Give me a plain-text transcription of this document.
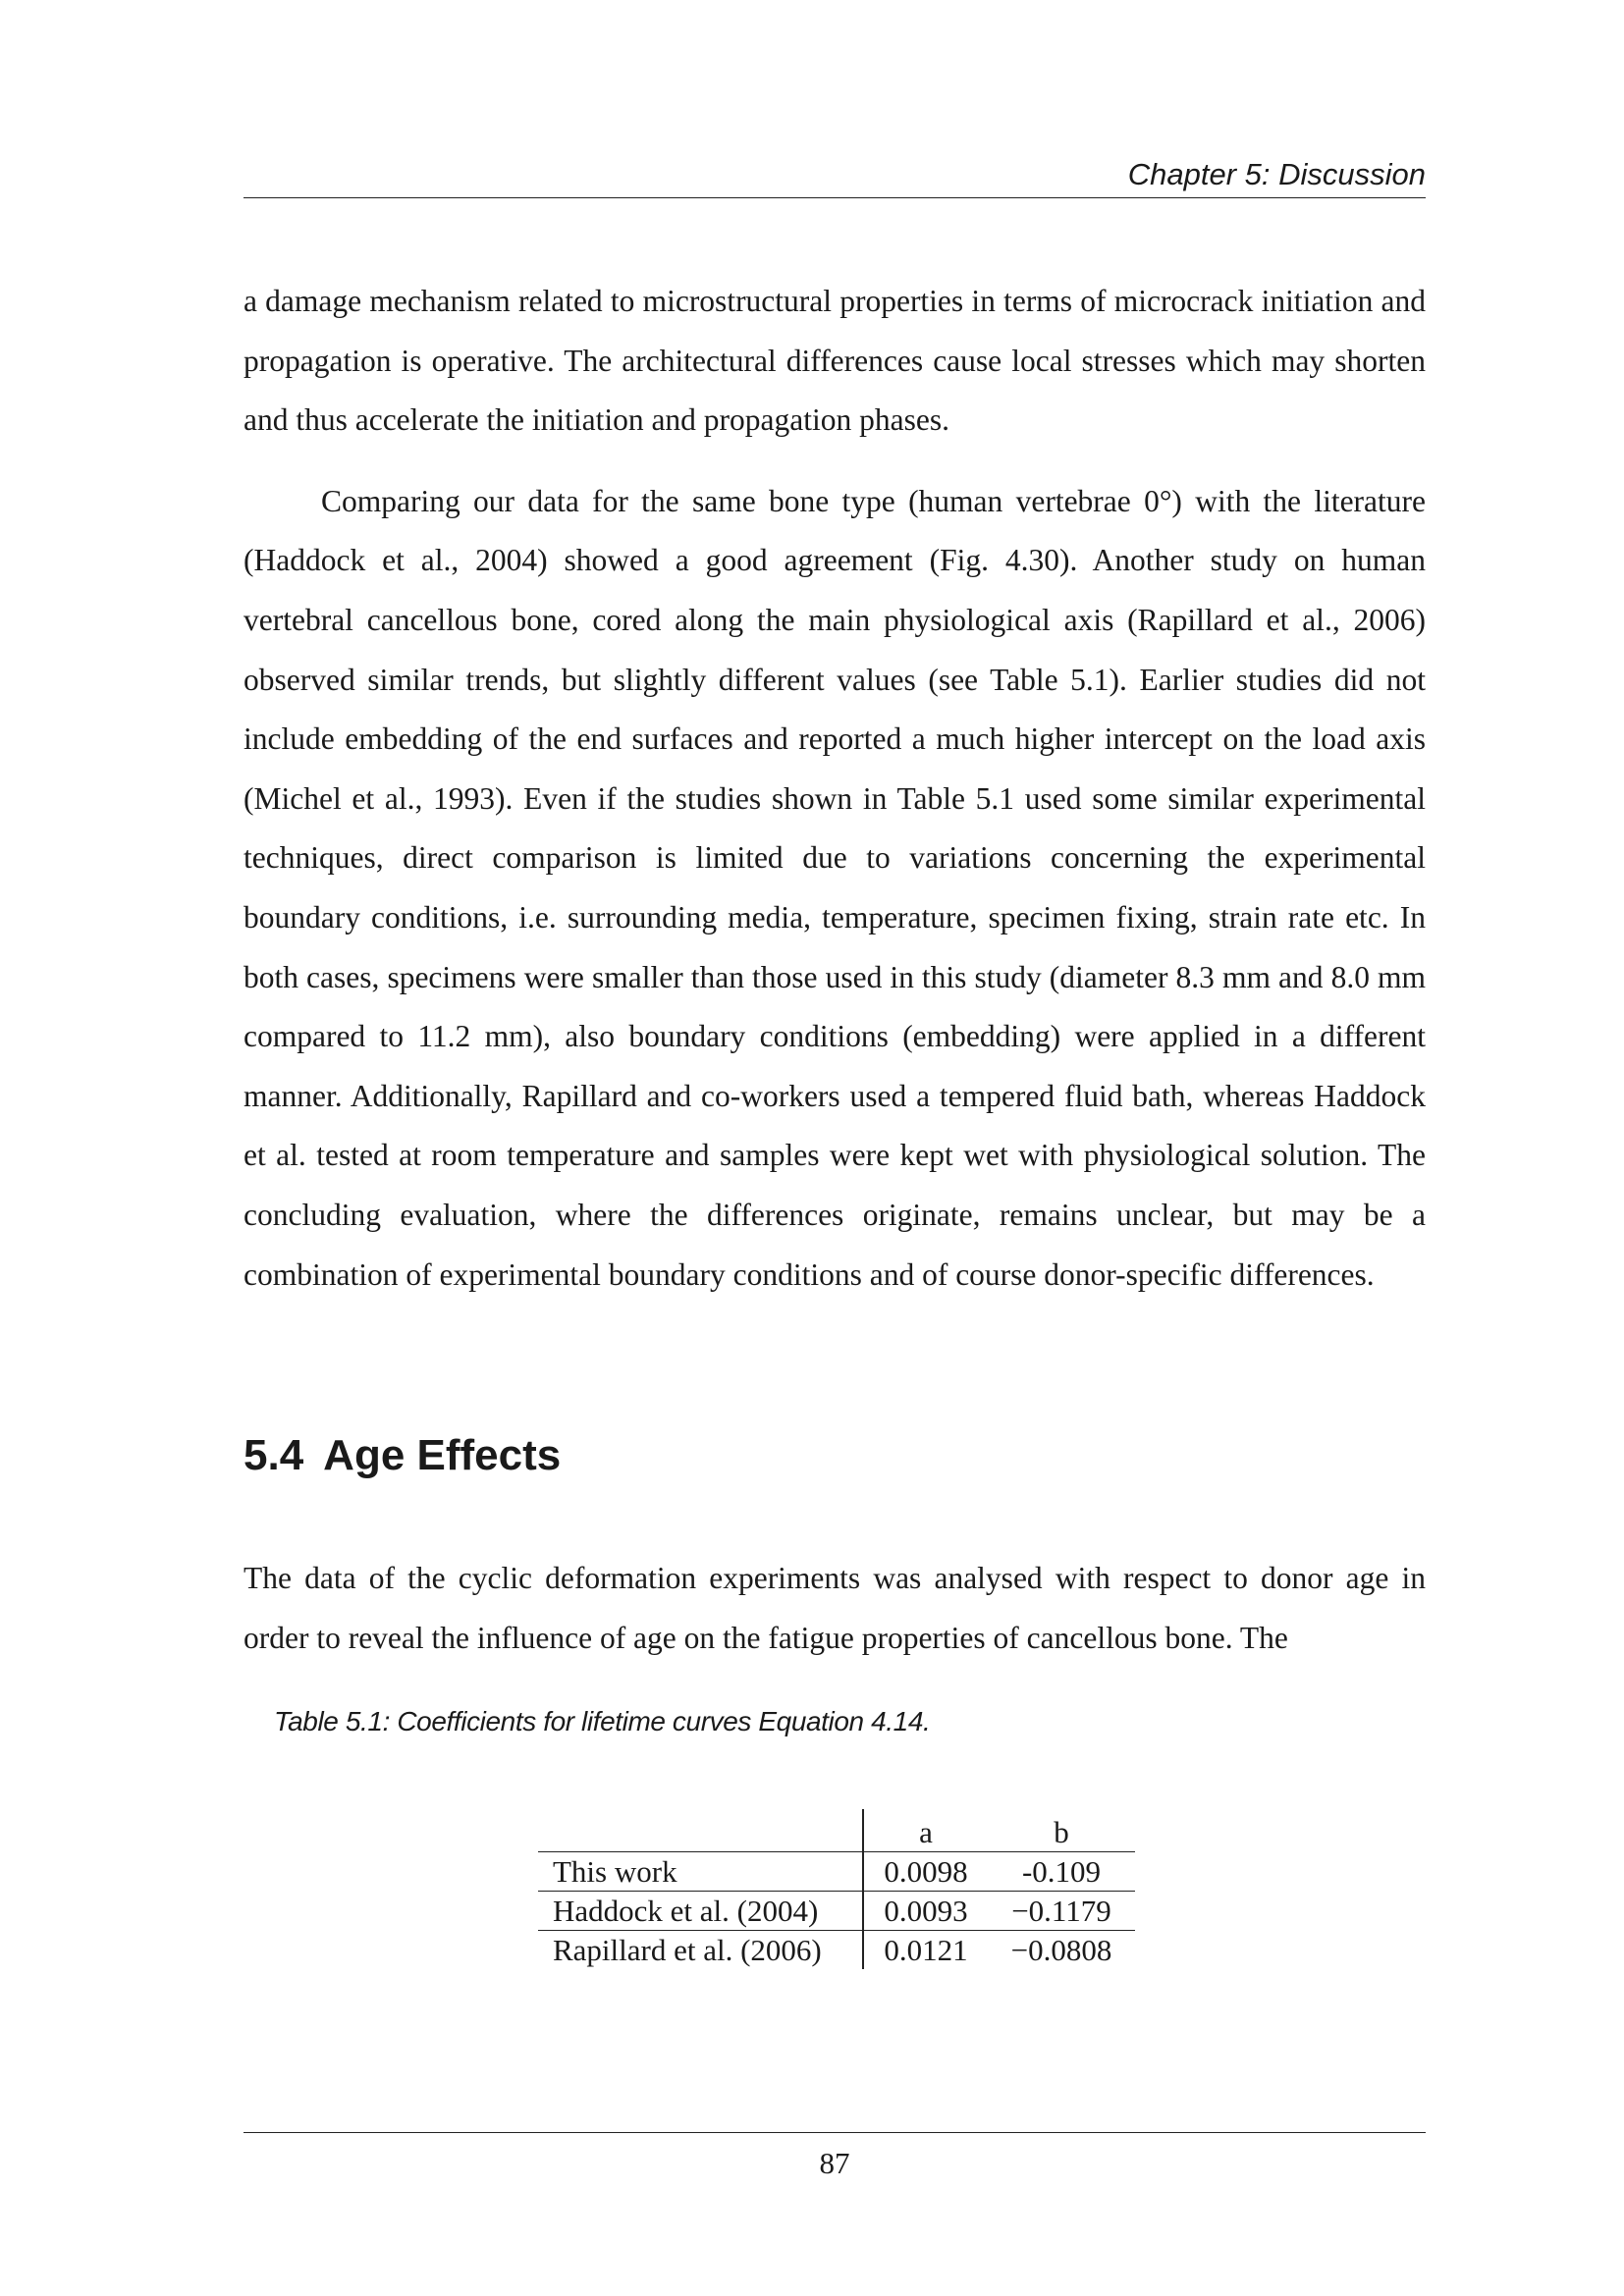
Chapter 5: Discussion

a damage mechanism related to microstructural properties in terms of microcrack initiation and propagation is operative. The architectural differences cause local stresses which may shorten and thus accelerate the initiation and propagation phases.

Comparing our data for the same bone type (human vertebrae 0°) with the literature (Haddock et al., 2004) showed a good agreement (Fig. 4.30). Another study on human vertebral cancellous bone, cored along the main physiological axis (Rapillard et al., 2006) observed similar trends, but slightly different values (see Table 5.1). Earlier studies did not include embedding of the end surfaces and reported a much higher intercept on the load axis (Michel et al., 1993). Even if the studies shown in Table 5.1 used some similar experimental techniques, direct comparison is limited due to variations concerning the experimental boundary conditions, i.e. surrounding media, temperature, specimen fixing, strain rate etc. In both cases, specimens were smaller than those used in this study (diameter 8.3 mm and 8.0 mm compared to 11.2 mm), also boundary conditions (embedding) were applied in a different manner. Additionally, Rapillard and co-workers used a tempered fluid bath, whereas Haddock et al. tested at room temperature and samples were kept wet with physiological solution. The concluding evaluation, where the differences originate, remains unclear, but may be a combination of experimental boundary conditions and of course donor-specific differences.

5.4 Age Effects

The data of the cyclic deformation experiments was analysed with respect to donor age in order to reveal the influence of age on the fatigue properties of cancellous bone. The

Table 5.1: Coefficients for lifetime curves Equation 4.14.
	a	b
This work	0.0098	-0.109
Haddock et al. (2004)	0.0093	−0.1179
Rapillard et al. (2006)	0.0121	−0.0808
87
